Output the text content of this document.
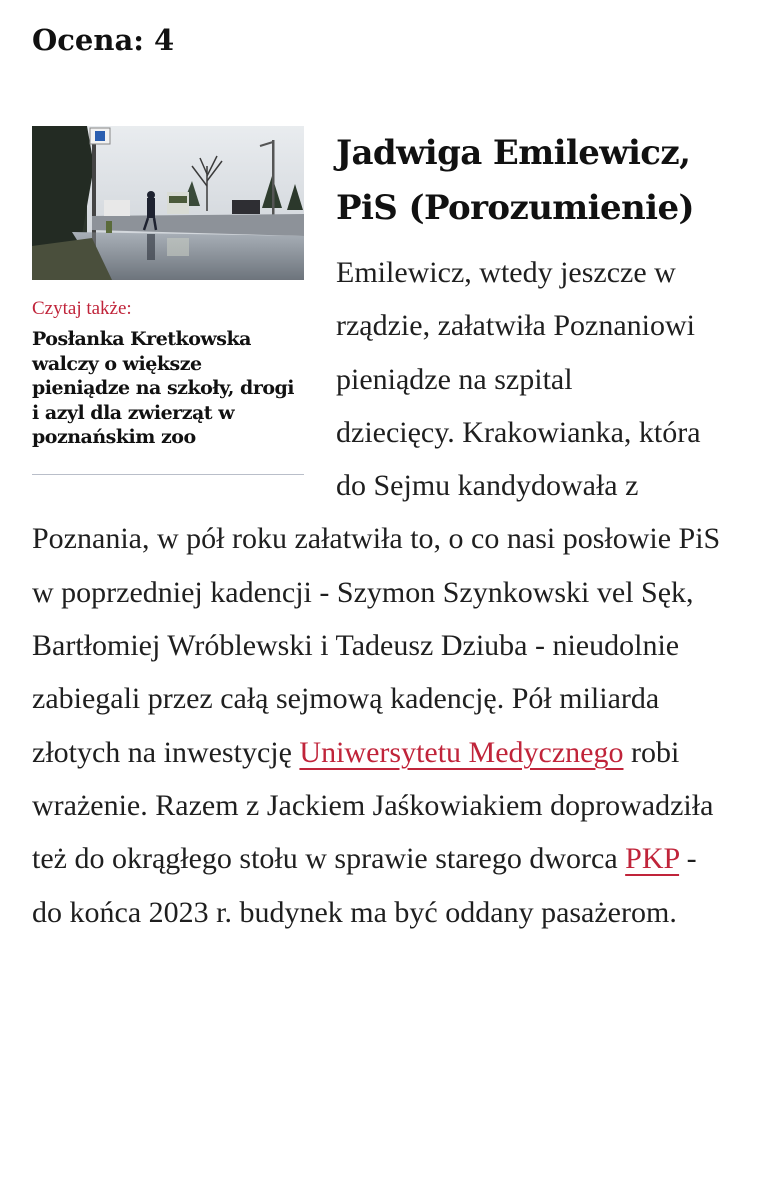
Ocena: 4

Czytaj także:

Posłanka Kretkowska walczy o większe pieniądze na szkoły, drogi i azyl dla zwierząt w poznańskim zoo

Jadwiga Emilewicz,
PiS (Porozumienie)

Emilewicz, wtedy jeszcze w rządzie, załatwiła Poznaniowi pieniądze na szpital
dziecięcy. Krakowianka, która do Sejmu kandydowała z Poznania, w pół roku załatwiła to, o co nasi posłowie PiS w poprzedniej kadencji - Szymon Szynkowski vel Sęk, Bartłomiej Wróblewski i Tadeusz Dziuba - nieudolnie zabiegali przez całą sejmową kadencję. Pół miliarda złotych na inwestycję Uniwersytetu Medycznego robi wrażenie. Razem z Jackiem Jaśkowiakiem doprowadziła też do okrągłego stołu w sprawie starego dworca PKP - do końca 2023 r. budynek ma być oddany pasażerom.
